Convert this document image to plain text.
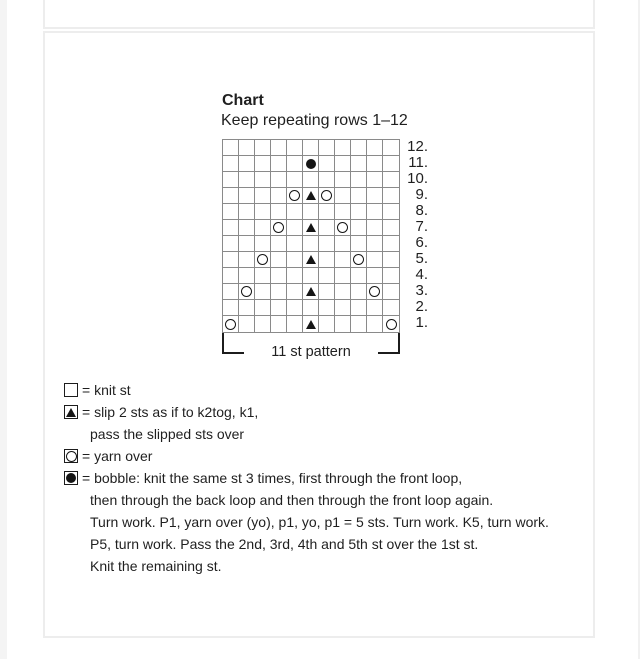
Chart
Keep repeating rows 1–12
12.
11.
10.
9.
8.
7.
6.
5.
4.
3.
2.
1.
11 st pattern
= knit st
= slip 2 sts as if to k2tog, k1,
pass the slipped sts over
= yarn over
= bobble: knit the same st 3 times, first through the front loop,
then through the back loop and then through the front loop again.
Turn work. P1, yarn over (yo), p1, yo, p1 = 5 sts. Turn work. K5, turn work.
P5, turn work. Pass the 2nd, 3rd, 4th and 5th st over the 1st st.
Knit the remaining st.
